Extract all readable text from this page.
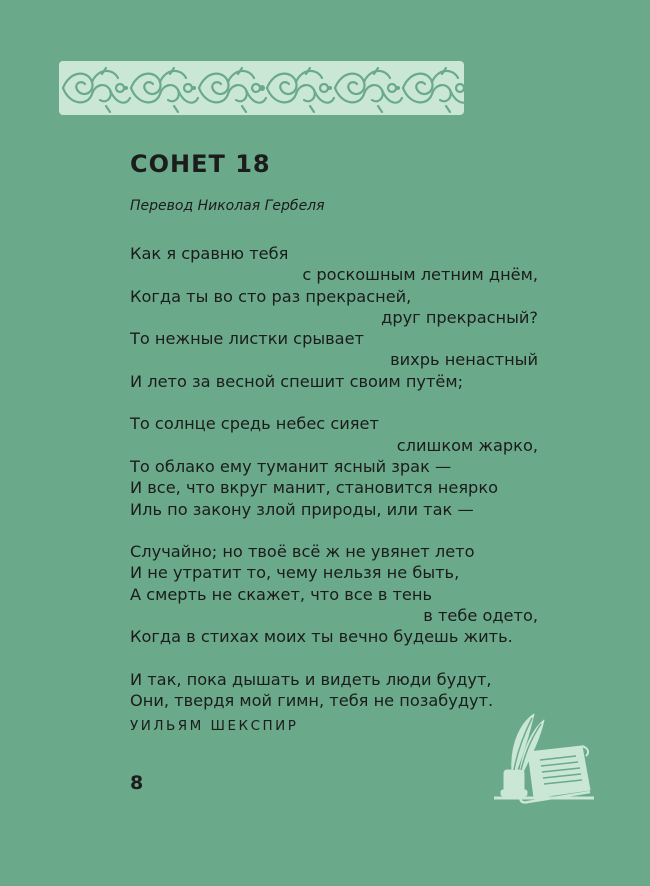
СОНЕТ 18

Перевод Николая Гербеля

Как я сравню тебя
с роскошным летним днём,
Когда ты во сто раз прекрасней,
друг прекрасный?
То нежные листки срывает
вихрь ненастный
И лето за весной спешит своим путём;
То солнце средь небес сияет
слишком жарко,
То облако ему туманит ясный зрак —
И все, что вкруг манит, становится неярко
Иль по закону злой природы, или так —
Случайно; но твоё всё ж не увянет лето
И не утратит то, чему нельзя не быть,
А смерть не скажет, что все в тень
в тебе одето,
Когда в стихах моих ты вечно будешь жить.
И так, пока дышать и видеть люди будут,
Они, твердя мой гимн, тебя не позабудут.

УИЛЬЯМ ШЕКСПИР

8
